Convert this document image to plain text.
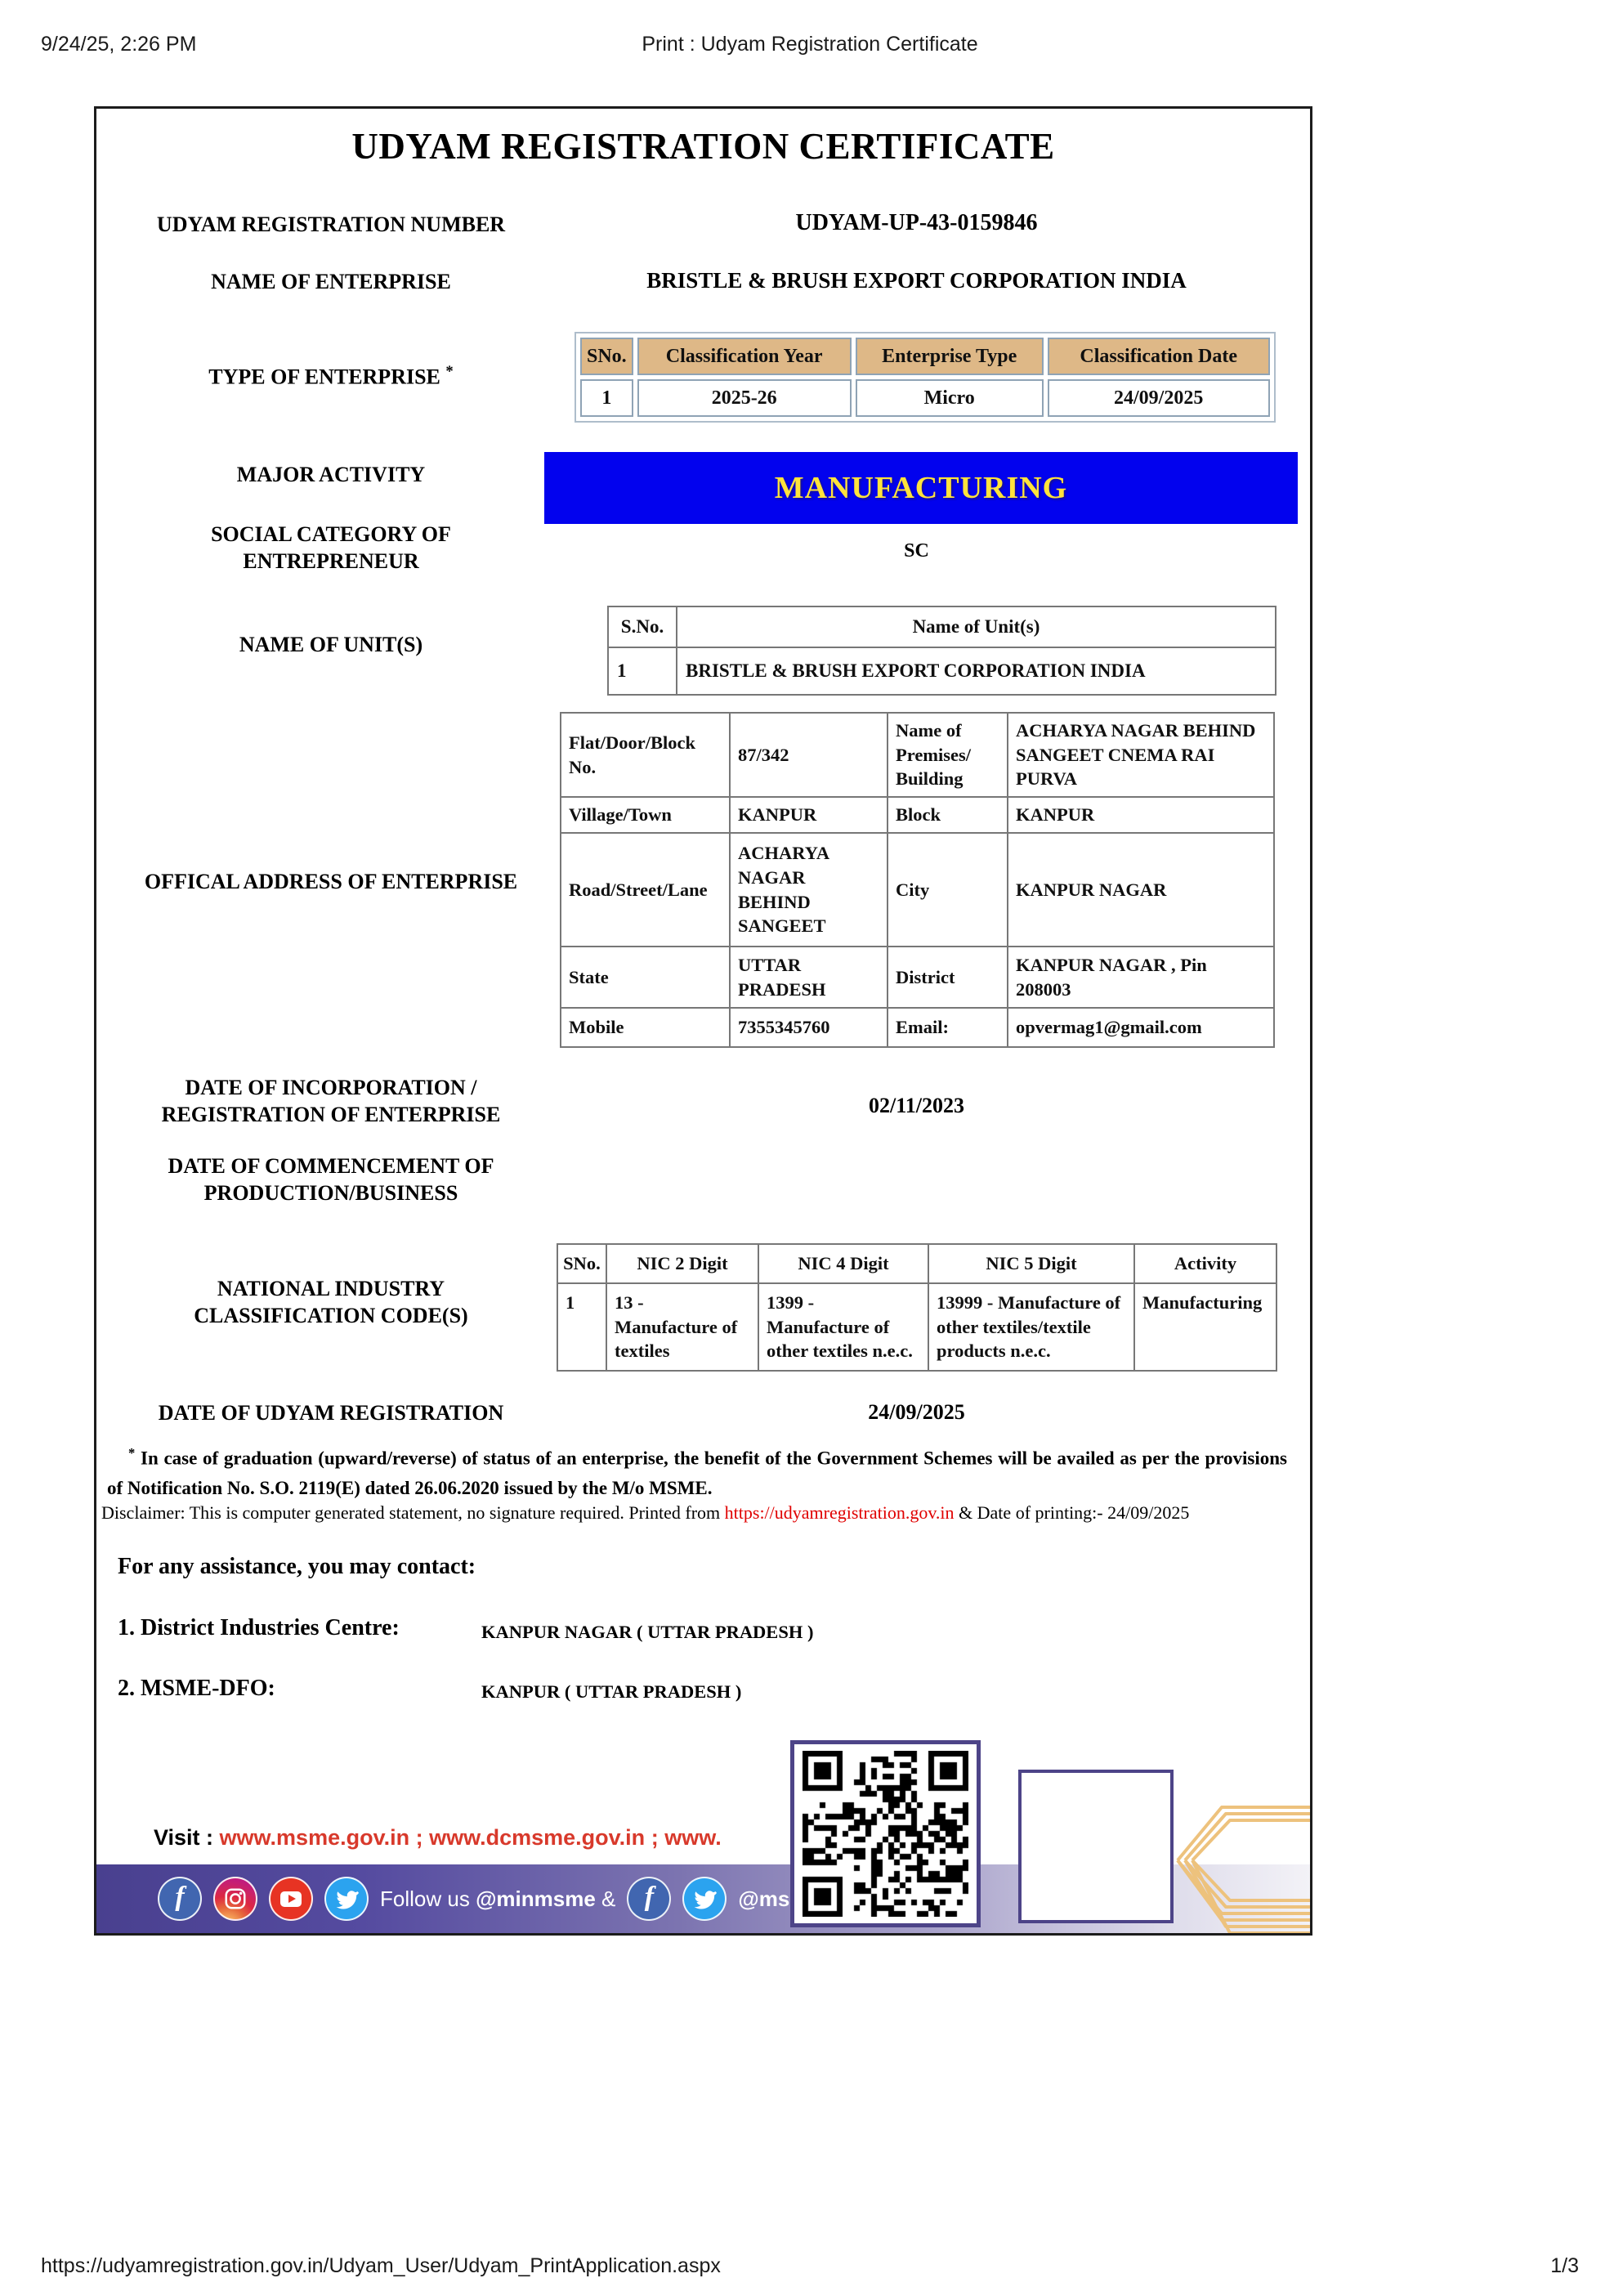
9/24/25, 2:26 PM	Print : Udyam Registration Certificate
UDYAM REGISTRATION CERTIFICATE
UDYAM REGISTRATION NUMBER	UDYAM-UP-43-0159846
NAME OF ENTERPRISE	BRISTLE & BRUSH EXPORT CORPORATION INDIA
TYPE OF ENTERPRISE *
SNo.	Classification Year	Enterprise Type	Classification Date
1	2025-26	Micro	24/09/2025
MAJOR ACTIVITY	MANUFACTURING
SOCIAL CATEGORY OF ENTREPRENEUR	SC
NAME OF UNIT(S)
S.No.	Name of Unit(s)
1	BRISTLE & BRUSH EXPORT CORPORATION INDIA
OFFICAL ADDRESS OF ENTERPRISE
Flat/Door/Block No.	87/342	Name of Premises/ Building	ACHARYA NAGAR BEHIND SANGEET CNEMA RAI PURVA
Village/Town	KANPUR	Block	KANPUR
Road/Street/Lane	ACHARYA NAGAR BEHIND SANGEET	City	KANPUR NAGAR
State	UTTAR PRADESH	District	KANPUR NAGAR , Pin 208003
Mobile	7355345760	Email:	opvermag1@gmail.com
DATE OF INCORPORATION / REGISTRATION OF ENTERPRISE	02/11/2023
DATE OF COMMENCEMENT OF PRODUCTION/BUSINESS
NATIONAL INDUSTRY CLASSIFICATION CODE(S)
SNo.	NIC 2 Digit	NIC 4 Digit	NIC 5 Digit	Activity
1	13 - Manufacture of textiles	1399 - Manufacture of other textiles n.e.c.	13999 - Manufacture of other textiles/textile products n.e.c.	Manufacturing
DATE OF UDYAM REGISTRATION	24/09/2025
* In case of graduation (upward/reverse) of status of an enterprise, the benefit of the Government Schemes will be availed as per the provisions of Notification No. S.O. 2119(E) dated 26.06.2020 issued by the M/o MSME.
Disclaimer: This is computer generated statement, no signature required. Printed from https://udyamregistration.gov.in & Date of printing:- 24/09/2025
For any assistance, you may contact:
1. District Industries Centre:	KANPUR NAGAR ( UTTAR PRADESH )
2. MSME-DFO:	KANPUR ( UTTAR PRADESH )
Visit : www.msme.gov.in ; www.dcmsme.gov.in ; www.
f	Follow us @minmsme & f	@ms
https://udyamregistration.gov.in/Udyam_User/Udyam_PrintApplication.aspx	1/3
